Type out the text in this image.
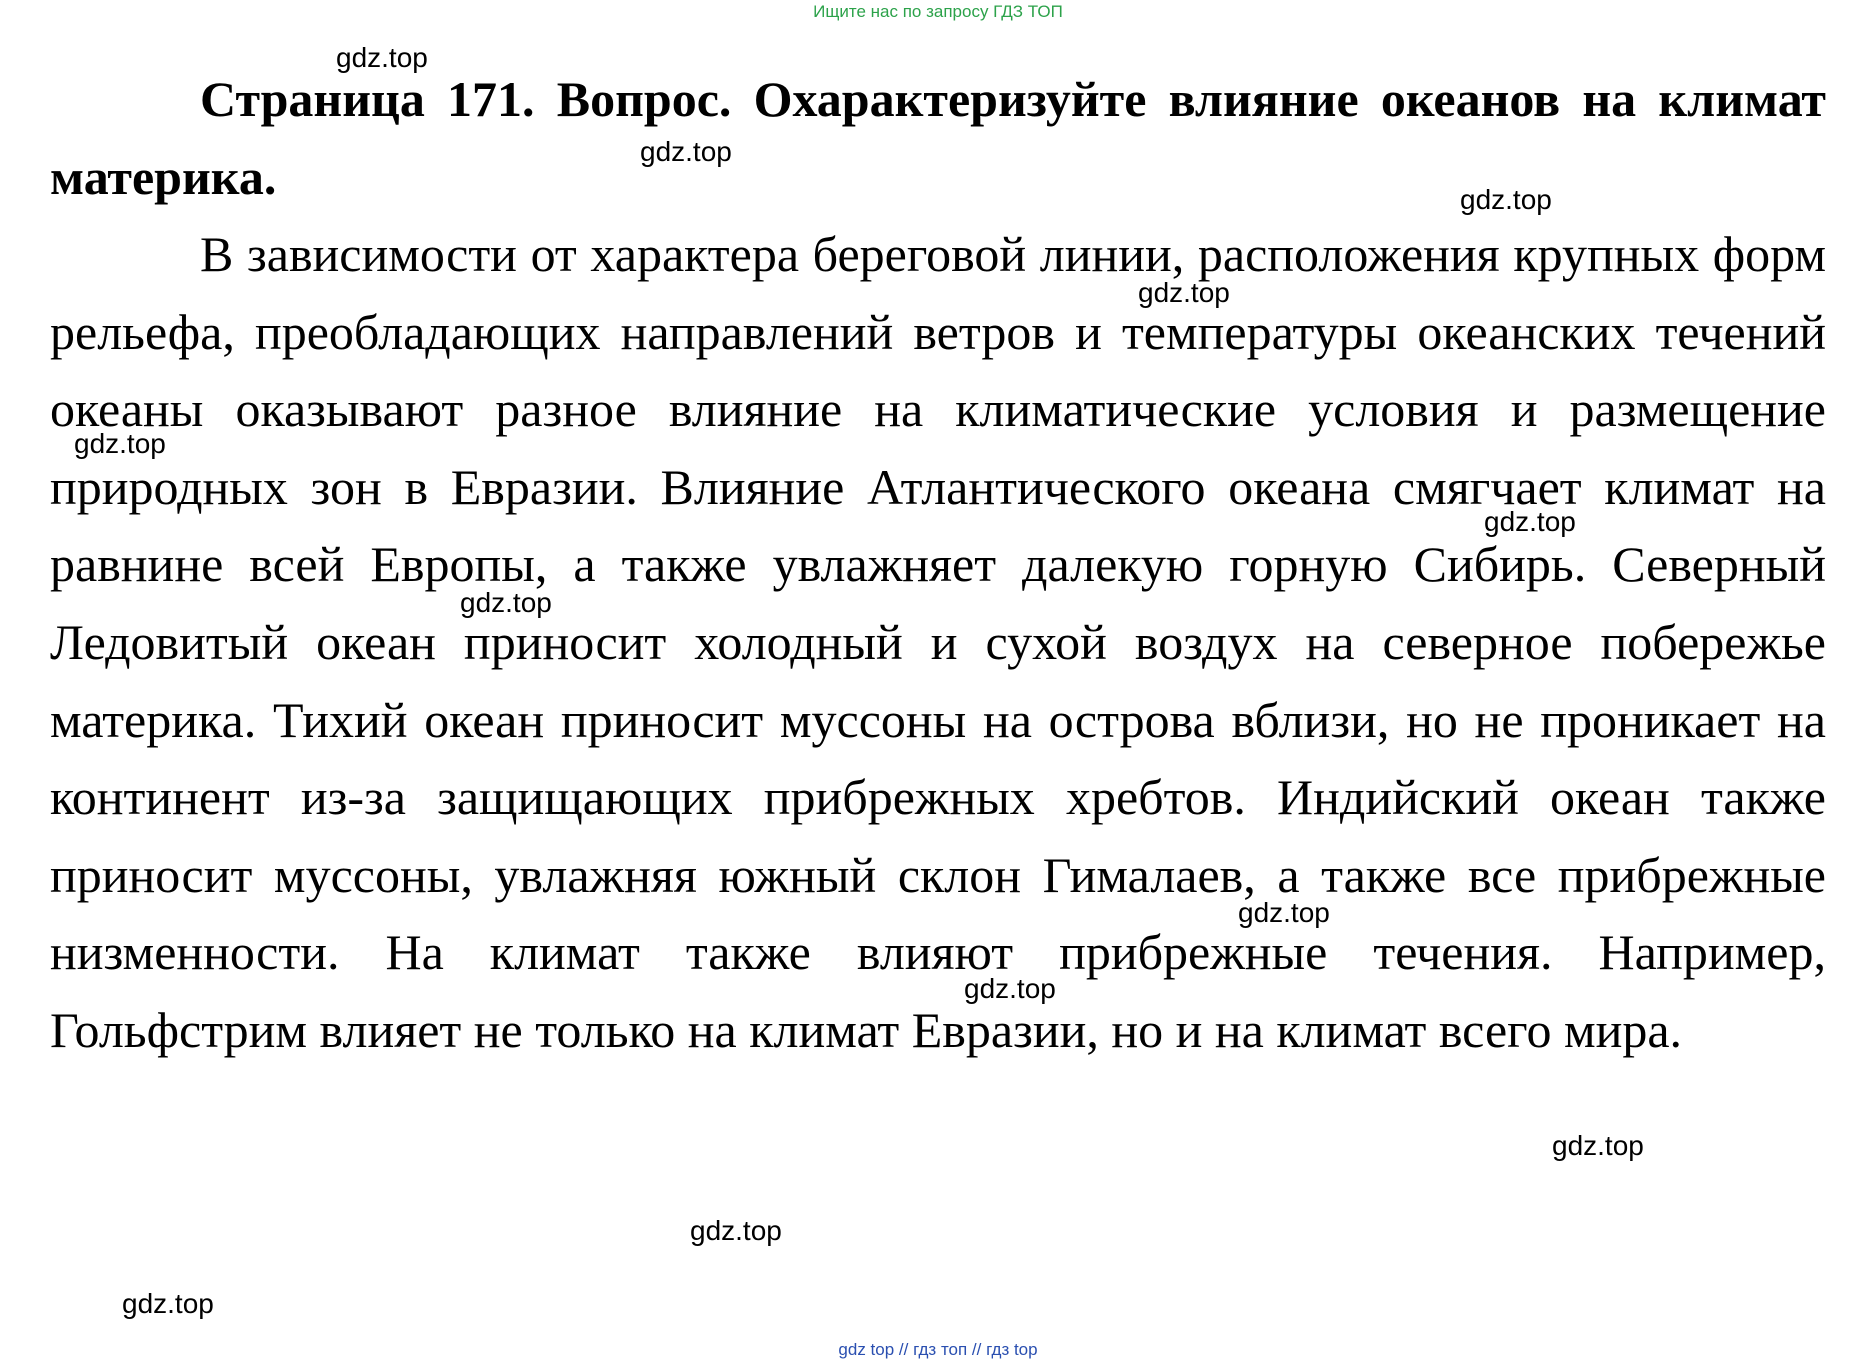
Ищите нас по запросу ГДЗ ТОП

Страница 171. Вопрос. Охарактеризуйте влияние океанов на климат материка.

В зависимости от характера береговой линии, расположения крупных форм рельефа, преобладающих направлений ветров и температуры океанских течений океаны оказывают разное влияние на климатические условия и размещение природных зон в Евразии. Влияние Атлантического океана смягчает климат на равнине всей Европы, а также увлажняет далекую горную Сибирь. Северный Ледовитый океан приносит холодный и сухой воздух на северное побережье материка. Тихий океан приносит муссоны на острова вблизи, но не проникает на континент из-за защищающих прибрежных хребтов. Индийский океан также приносит муссоны, увлажняя южный склон Гималаев, а также все прибрежные низменности. На климат также влияют прибрежные течения. Например, Гольфстрим влияет не только на климат Евразии, но и на климат всего мира.

gdz.top
gdz.top
gdz.top
gdz.top
gdz.top
gdz.top
gdz.top
gdz.top
gdz.top
gdz.top
gdz.top
gdz.top
gdz top // гдз топ // гдз top
